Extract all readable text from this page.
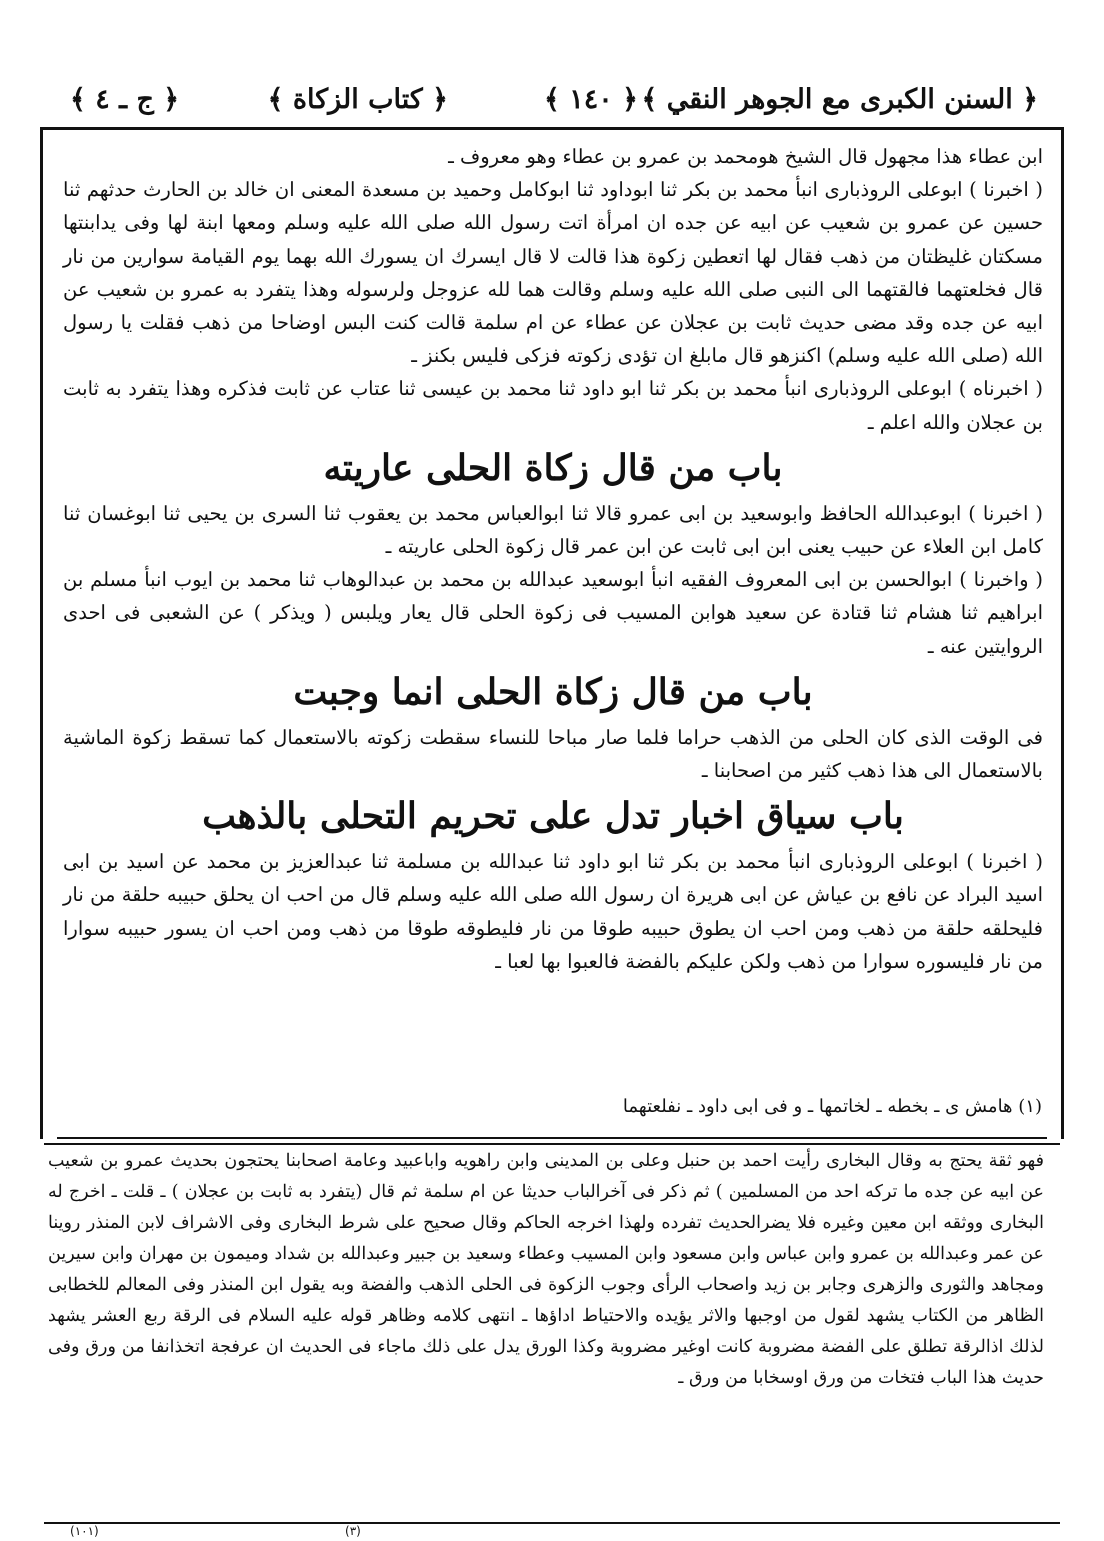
﴿ السنن الكبرى مع الجوهر النقي ﴾
﴿ ١٤٠ ﴾
﴿ كتاب الزكاة ﴾
﴿ ج ـ ٤ ﴾

ابن عطاء هذا مجهول قال الشيخ هومحمد بن عمرو بن عطاء وهو معروف ـ

( اخبرنا ) ابوعلى الروذبارى انبأ محمد بن بكر ثنا ابوداود ثنا ابوكامل وحميد بن مسعدة المعنى ان خالد بن الحارث حدثهم ثنا حسين عن عمرو بن شعيب عن ابيه عن جده ان امرأة اتت رسول الله صلى الله عليه وسلم ومعها ابنة لها وفى يدابنتها مسكتان غليظتان من ذهب فقال لها اتعطين زكوة هذا قالت لا قال ايسرك ان يسورك الله بهما يوم القيامة سوارين من نار قال فخلعتهما فالقتهما الى النبى صلى الله عليه وسلم وقالت هما لله عزوجل ولرسوله وهذا يتفرد به عمرو بن شعيب عن ابيه عن جده وقد مضى حديث ثابت بن عجلان عن عطاء عن ام سلمة قالت كنت البس اوضاحا من ذهب فقلت يا رسول الله (صلى الله عليه وسلم) اكنزهو قال مابلغ ان تؤدى زكوته فزكى فليس بكنز ـ

( اخبرناه ) ابوعلى الروذبارى انبأ محمد بن بكر ثنا ابو داود ثنا محمد بن عيسى ثنا عتاب عن ثابت فذكره وهذا يتفرد به ثابت بن عجلان والله اعلم ـ

باب من قال زكاة الحلى عاريته

( اخبرنا ) ابوعبدالله الحافظ وابوسعيد بن ابى عمرو قالا ثنا ابوالعباس محمد بن يعقوب ثنا السرى بن يحيى ثنا ابوغسان ثنا كامل ابن العلاء عن حبيب يعنى ابن ابى ثابت عن ابن عمر قال زكوة الحلى عاريته ـ

( واخبرنا ) ابوالحسن بن ابى المعروف الفقيه انبأ ابوسعيد عبدالله بن محمد بن عبدالوهاب ثنا محمد بن ايوب انبأ مسلم بن ابراهيم ثنا هشام ثنا قتادة عن سعيد هوابن المسيب فى زكوة الحلى قال يعار ويلبس ( ويذكر ) عن الشعبى فى احدى الروايتين عنه ـ

باب من قال زكاة الحلى انما وجبت

فى الوقت الذى كان الحلى من الذهب حراما فلما صار مباحا للنساء سقطت زكوته بالاستعمال كما تسقط زكوة الماشية بالاستعمال الى هذا ذهب كثير من اصحابنا ـ

باب سياق اخبار تدل على تحريم التحلى بالذهب

( اخبرنا ) ابوعلى الروذبارى انبأ محمد بن بكر ثنا ابو داود ثنا عبدالله بن مسلمة ثنا عبدالعزيز بن محمد عن اسيد بن ابى اسيد البراد عن نافع بن عياش عن ابى هريرة ان رسول الله صلى الله عليه وسلم قال من احب ان يحلق حبيبه حلقة من نار فليحلقه حلقة من ذهب ومن احب ان يطوق حبيبه طوقا من نار فليطوقه طوقا من ذهب ومن احب ان يسور حبيبه سوارا من نار فليسوره سوارا من ذهب ولكن عليكم بالفضة فالعبوا بها لعبا ـ

(١) هامش ى ـ بخطه ـ لخاتمها ـ و فى ابى داود ـ نفلعتهما

فهو ثقة يحتج به وقال البخارى رأيت احمد بن حنبل وعلى بن المدينى وابن راهويه واباعبيد وعامة اصحابنا يحتجون بحديث عمرو بن شعيب عن ابيه عن جده ما تركه احد من المسلمين ) ثم ذكر فى آخرالباب حديثا عن ام سلمة ثم قال (يتفرد به ثابت بن عجلان ) ـ قلت ـ اخرج له البخارى ووثقه ابن معين وغيره فلا يضرالحديث تفرده ولهذا اخرجه الحاكم وقال صحيح على شرط البخارى وفى الاشراف لابن المنذر روينا عن عمر وعبدالله بن عمرو وابن عباس وابن مسعود وابن المسيب وعطاء وسعيد بن جبير وعبدالله بن شداد وميمون بن مهران وابن سيرين ومجاهد والثورى والزهرى وجابر بن زيد واصحاب الرأى وجوب الزكوة فى الحلى الذهب والفضة وبه يقول ابن المنذر وفى المعالم للخطابى الظاهر من الكتاب يشهد لقول من اوجبها والاثر يؤيده والاحتياط اداؤها ـ انتهى كلامه وظاهر قوله عليه السلام فى الرقة ربع العشر يشهد لذلك اذالرقة تطلق على الفضة مضروبة كانت اوغير مضروبة وكذا الورق يدل على ذلك ماجاء فى الحديث ان عرفجة اتخذانفا من ورق وفى حديث هذا الباب فتخات من ورق اوسخابا من ورق ـ

(١٠١)	(٣)
